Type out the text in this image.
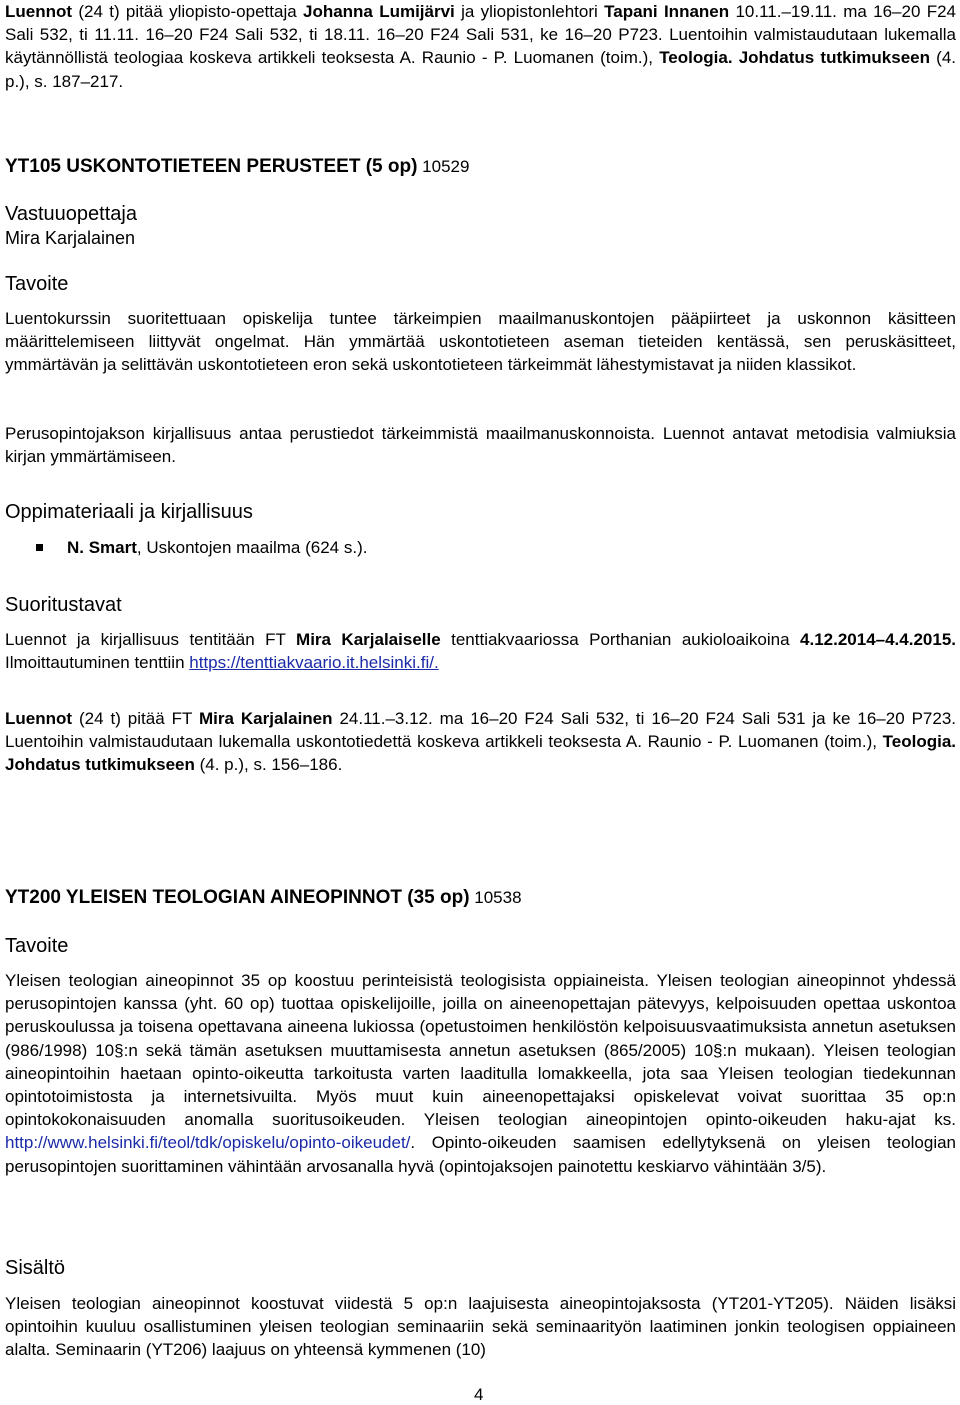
Luennot (24 t) pitää yliopisto-opettaja Johanna Lumijärvi ja yliopistonlehtori Tapani Innanen 10.11.–19.11. ma 16–20 F24 Sali 532, ti 11.11. 16–20 F24 Sali 532, ti 18.11. 16–20 F24 Sali 531, ke 16–20 P723. Luentoihin valmistaudutaan lukemalla käytännöllistä teologiaa koskeva artikkeli teoksesta A. Raunio - P. Luomanen (toim.), Teologia. Johdatus tutkimukseen (4. p.), s. 187–217.

YT105 USKONTOTIETEEN PERUSTEET (5 op) 10529
Vastuuopettaja

Mira Karjalainen

Tavoite

Luentokurssin suoritettuaan opiskelija tuntee tärkeimpien maailmanuskontojen pääpiirteet ja uskonnon käsitteen määrittelemiseen liittyvät ongelmat. Hän ymmärtää uskontotieteen aseman tieteiden kentässä, sen peruskäsitteet, ymmärtävän ja selittävän uskontotieteen eron sekä uskontotieteen tärkeimmät lähestymistavat ja niiden klassikot.

Perusopintojakson kirjallisuus antaa perustiedot tärkeimmistä maailmanuskonnoista. Luennot antavat metodisia valmiuksia kirjan ymmärtämiseen.

Oppimateriaali ja kirjallisuus
N. Smart, Uskontojen maailma (624 s.).
Suoritustavat

Luennot ja kirjallisuus tentitään FT Mira Karjalaiselle tenttiakvaariossa Porthanian aukioloaikoina 4.12.2014–4.4.2015. Ilmoittautuminen tenttiin https://tenttiakvaario.it.helsinki.fi/.

Luennot (24 t) pitää FT Mira Karjalainen 24.11.–3.12. ma 16–20 F24 Sali 532, ti 16–20 F24 Sali 531 ja ke 16–20 P723. Luentoihin valmistaudutaan lukemalla uskontotiedettä koskeva artikkeli teoksesta A. Raunio - P. Luomanen (toim.), Teologia. Johdatus tutkimukseen (4. p.), s. 156–186.

YT200 YLEISEN TEOLOGIAN AINEOPINNOT (35 op) 10538
Tavoite

Yleisen teologian aineopinnot 35 op koostuu perinteisistä teologisista oppiaineista. Yleisen teologian aineopinnot yhdessä perusopintojen kanssa (yht. 60 op) tuottaa opiskelijoille, joilla on aineenopettajan pätevyys, kelpoisuuden opettaa uskontoa peruskoulussa ja toisena opettavana aineena lukiossa (opetustoimen henkilöstön kelpoisuusvaatimuksista annetun asetuksen (986/1998) 10§:n sekä tämän asetuksen muuttamisesta annetun asetuksen (865/2005) 10§:n mukaan). Yleisen teologian aineopintoihin haetaan opinto-oikeutta tarkoitusta varten laaditulla lomakkeella, jota saa Yleisen teologian tiedekunnan opintotoimistosta ja internetsivuilta. Myös muut kuin aineenopettajaksi opiskelevat voivat suorittaa 35 op:n opintokokonaisuuden anomalla suoritusoikeuden. Yleisen teologian aineopintojen opinto-oikeuden haku-ajat ks. http://www.helsinki.fi/teol/tdk/opiskelu/opinto-oikeudet/. Opinto-oikeuden saamisen edellytyksenä on yleisen teologian perusopintojen suorittaminen vähintään arvosanalla hyvä (opintojaksojen painotettu keskiarvo vähintään 3/5).

Sisältö

Yleisen teologian aineopinnot koostuvat viidestä 5 op:n laajuisesta aineopintojaksosta (YT201-YT205). Näiden lisäksi opintoihin kuuluu osallistuminen yleisen teologian seminaariin sekä seminaarityön laatiminen jonkin teologisen oppiaineen alalta. Seminaarin (YT206) laajuus on yhteensä kymmenen (10)

4
